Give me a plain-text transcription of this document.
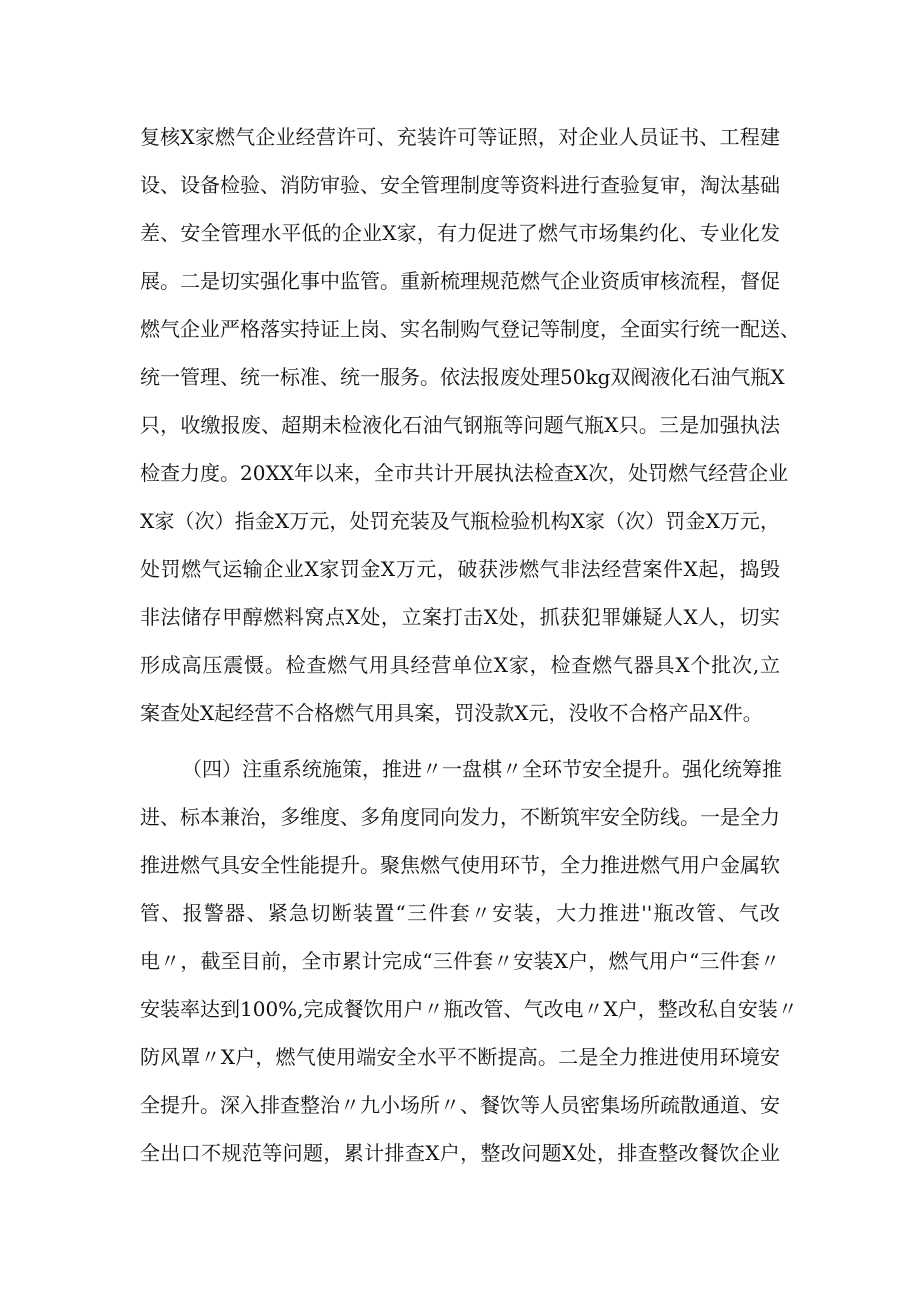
复核X家燃气企业经营许可、充装许可等证照，对企业人员证书、工程建
设、设备检验、消防审验、安全管理制度等资料进行查验复审，淘汰基础
差、安全管理水平低的企业X家，有力促进了燃气市场集约化、专业化发
展。二是切实强化事中监管。重新梳理规范燃气企业资质审核流程，督促
燃气企业严格落实持证上岗、实名制购气登记等制度，全面实行统一配送、
统一管理、统一标准、统一服务。依法报废处理50kg双阀液化石油气瓶X
只，收缴报废、超期未检液化石油气钢瓶等问题气瓶X只。三是加强执法
检查力度。20XX年以来，全市共计开展执法检查X次，处罚燃气经营企业
X家（次）指金X万元，处罚充装及气瓶检验机构X家（次）罚金X万元，
处罚燃气运输企业X家罚金X万元，破获涉燃气非法经营案件X起，捣毁
非法储存甲醇燃料窝点X处，立案打击X处，抓获犯罪嫌疑人X人，切实
形成高压震慑。检查燃气用具经营单位X家，检查燃气器具X个批次,立
案查处X起经营不合格燃气用具案，罚没款X元，没收不合格产品X件。
（四）注重系统施策，推进〃一盘棋〃全环节安全提升。强化统筹推
进、标本兼治，多维度、多角度同向发力，不断筑牢安全防线。一是全力
推进燃气具安全性能提升。聚焦燃气使用环节，全力推进燃气用户金属软
管、报警器、紧急切断装置“三件套〃安装，大力推进''瓶改管、气改
电〃，截至目前，全市累计完成“三件套〃安装X户，燃气用户“三件套〃
安装率达到100%,完成餐饮用户〃瓶改管、气改电〃X户，整改私自安装〃
防风罩〃X户，燃气使用端安全水平不断提高。二是全力推进使用环境安
全提升。深入排查整治〃九小场所〃、餐饮等人员密集场所疏散通道、安
全出口不规范等问题，累计排查X户，整改问题X处，排查整改餐饮企业
